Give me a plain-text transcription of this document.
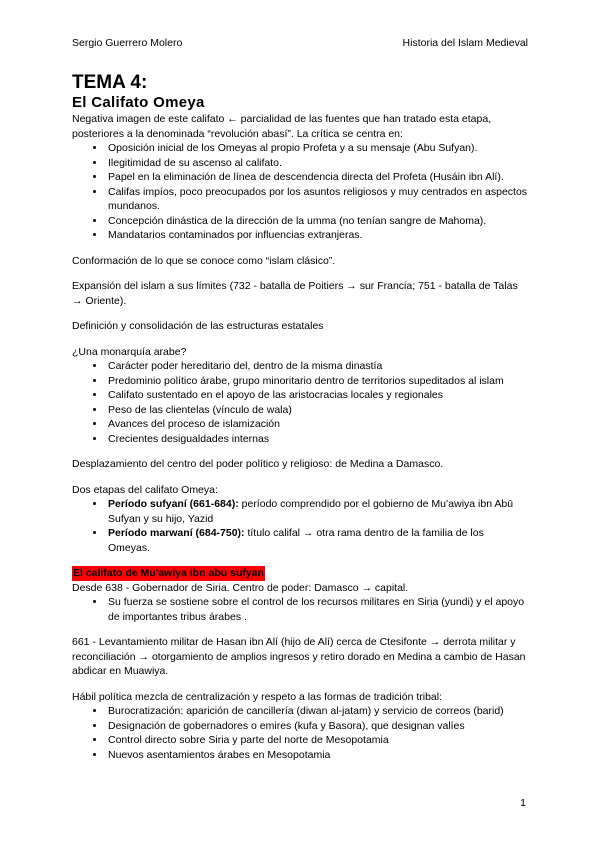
Sergio Guerrero Molero	Historia del Islam Medieval
TEMA 4:
El Califato Omeya

Negativa imagen de este califato ← parcialidad de las fuentes que han tratado esta etapa, posteriores a la denominada “revolución abasí”. La crítica se centra en:

• Oposición inicial de los Omeyas al propio Profeta y a su mensaje (Abu Sufyan).
• Ilegitimidad de su ascenso al califato.
• Papel en la eliminación de línea de descendencia directa del Profeta (Husáin ibn Alí).
• Califas impíos, poco preocupados por los asuntos religiosos y muy centrados en aspectos mundanos.
• Concepción dinástica de la dirección de la umma (no tenían sangre de Mahoma).
• Mandatarios contaminados por influencias extranjeras.

Conformación de lo que se conoce como “islam clásico”.

Expansión del islam a sus límites (732 - batalla de Poitiers → sur Francia; 751 - batalla de Talas → Oriente).

Definición y consolidación de las estructuras estatales

¿Una monarquía arabe?

• Carácter poder hereditario del, dentro de la misma dinastía
• Predominio político árabe, grupo minoritario dentro de territorios supeditados al islam
• Califato sustentado en el apoyo de las aristocracias locales y regionales
• Peso de las clientelas (vínculo de wala)
• Avances del proceso de islamización
• Crecientes desigualdades internas

Desplazamiento del centro del poder político y religioso: de Medina a Damasco.

Dos etapas del califato Omeya:

• Período sufyaní (661-684): período comprendido por el gobierno de Mu’awiya ibn Abū Sufyan y su hijo, Yazid
• Período marwaní (684-750): título califal → otra rama dentro de la familia de los Omeyas.
El califato de Mu'awiya ibn abu sufyan

Desde 638 - Gobernador de Siria. Centro de poder: Damasco → capital.

• Su fuerza se sostiene sobre el control de los recursos militares en Siria (yundi) y el apoyo de importantes tribus árabes .

661 - Levantamiento militar de Hasan ibn Alí (hijo de Alí) cerca de Ctesifonte → derrota militar y reconciliación → otorgamiento de amplios ingresos y retiro dorado en Medina a cambio de Hasan abdicar en Muawiya.

Hábil política mezcla de centralización y respeto a las formas de tradición tribal:

• Burocratización: aparición de cancillería (diwan al-jatam) y servicio de correos (barid)
• Designación de gobernadores o emires (kufa y Basora), que designan valíes
• Control directo sobre Siria y parte del norte de Mesopotamia
• Nuevos asentamientos árabes en Mesopotamia
1
